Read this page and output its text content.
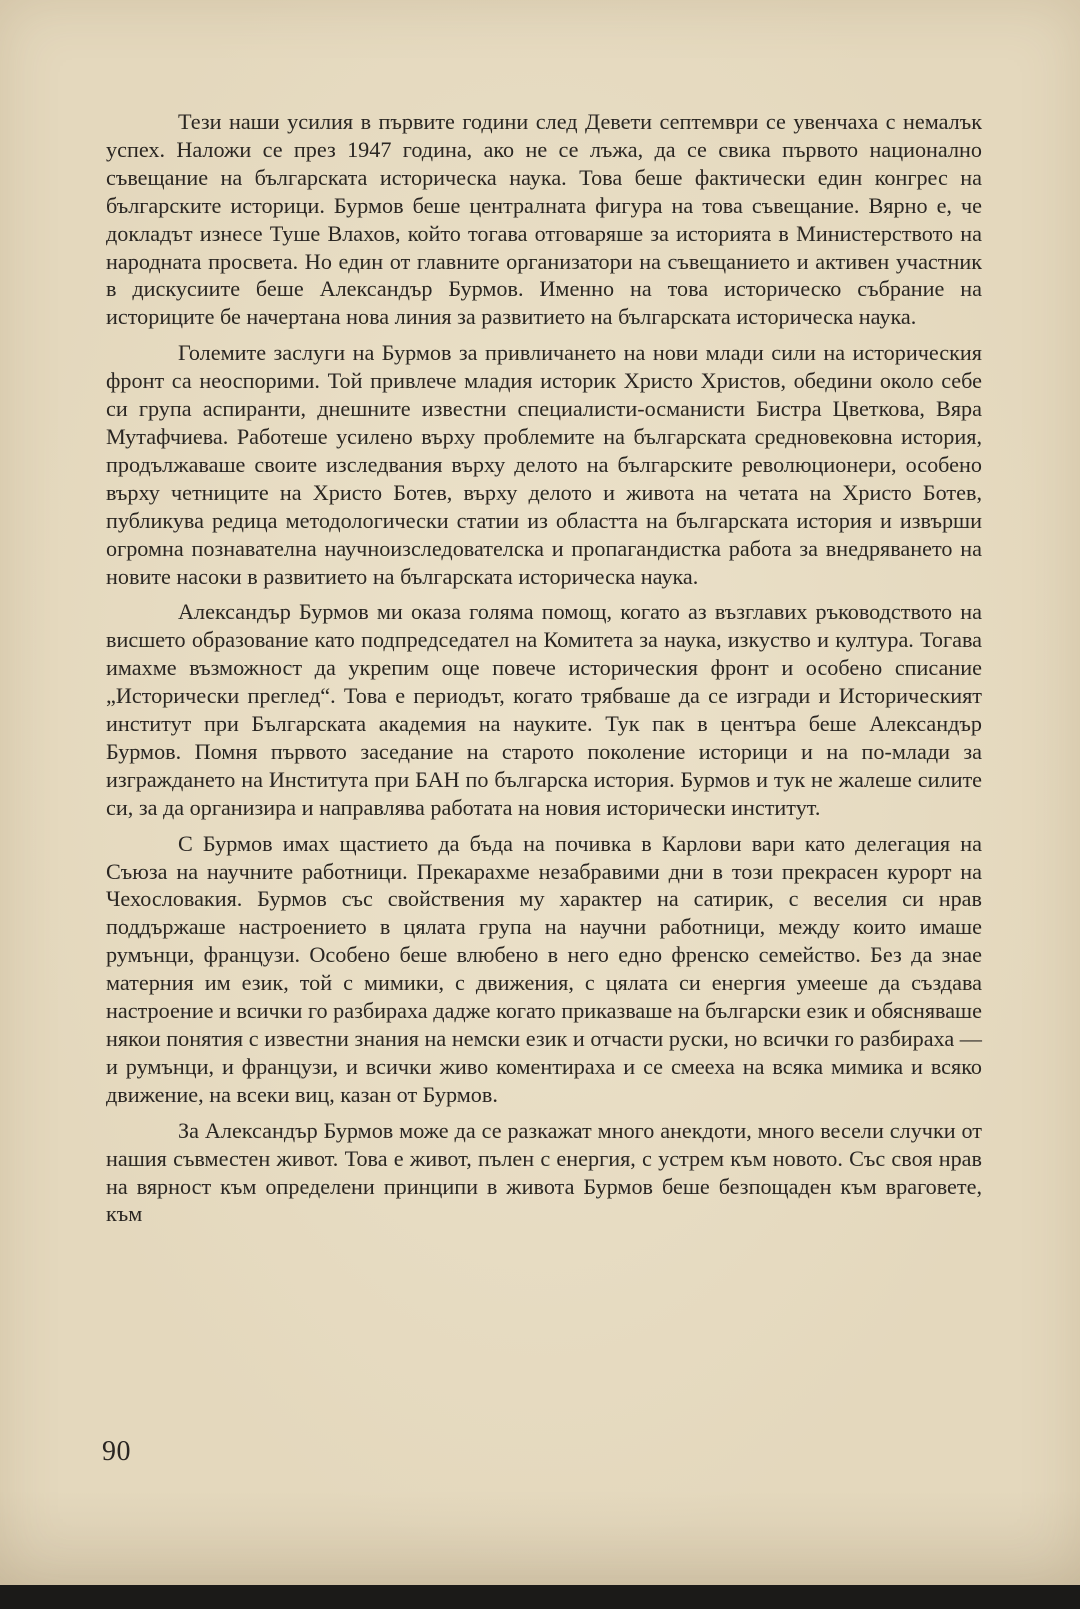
Тези наши усилия в първите години след Девети септември се увенчаха с немалък успех. Наложи се през 1947 година, ако не се лъжа, да се свика първото национално съвещание на българската историческа наука. Това беше фактически един конгрес на българските историци. Бурмов беше централната фигура на това съвещание. Вярно е, че докладът изнесе Туше Влахов, който тогава отговаряше за историята в Министерството на народната просвета. Но един от главните организатори на съвещанието и активен участник в дискусиите беше Александър Бурмов. Именно на това историческо събрание на историците бе начертана нова линия за развитието на българската историческа наука.

Големите заслуги на Бурмов за привличането на нови млади сили на историческия фронт са неоспорими. Той привлече младия историк Христо Христов, обедини около себе си група аспиранти, днешните известни специалисти-османисти Бистра Цветкова, Вяра Мутафчиева. Работеше усилено върху проблемите на българската средновековна история, продължаваше своите изследвания върху делото на българските революционери, особено върху четниците на Христо Ботев, върху делото и живота на четата на Христо Ботев, публикува редица методологически статии из областта на българската история и извърши огромна познавателна научноизследователска и пропагандистка работа за внедряването на новите насоки в развитието на българската историческа наука.

Александър Бурмов ми оказа голяма помощ, когато аз възглавих ръководството на висшето образование като подпредседател на Комитета за наука, изкуство и култура. Тогава имахме възможност да укрепим още повече историческия фронт и особено списание „Исторически преглед“. Това е периодът, когато трябваше да се изгради и Историческият институт при Българската академия на науките. Тук пак в центъра беше Александър Бурмов. Помня първото заседание на старото поколение историци и на по-млади за изграждането на Института при БАН по българска история. Бурмов и тук не жалеше силите си, за да организира и направлява работата на новия исторически институт.

С Бурмов имах щастието да бъда на почивка в Карлови вари като делегация на Съюза на научните работници. Прекарахме незабравими дни в този прекрасен курорт на Чехословакия. Бурмов със свойствения му характер на сатирик, с веселия си нрав поддържаше настроението в цялата група на научни работници, между които имаше румънци, французи. Особено беше влюбено в него едно френско семейство. Без да знае матерния им език, той с мимики, с движения, с цялата си енергия умееше да създава настроение и всички го разбираха дадже когато приказваше на български език и обясняваше някои понятия с известни знания на немски език и отчасти руски, но всички го разбираха — и румънци, и французи, и всички живо коментираха и се смееха на всяка мимика и всяко движение, на всеки виц, казан от Бурмов.

За Александър Бурмов може да се разкажат много анекдоти, много весели случки от нашия съвместен живот. Това е живот, пълен с енергия, с устрем към новото. Със своя нрав на вярност към определени принципи в живота Бурмов беше безпощаден към враговете, към

90
